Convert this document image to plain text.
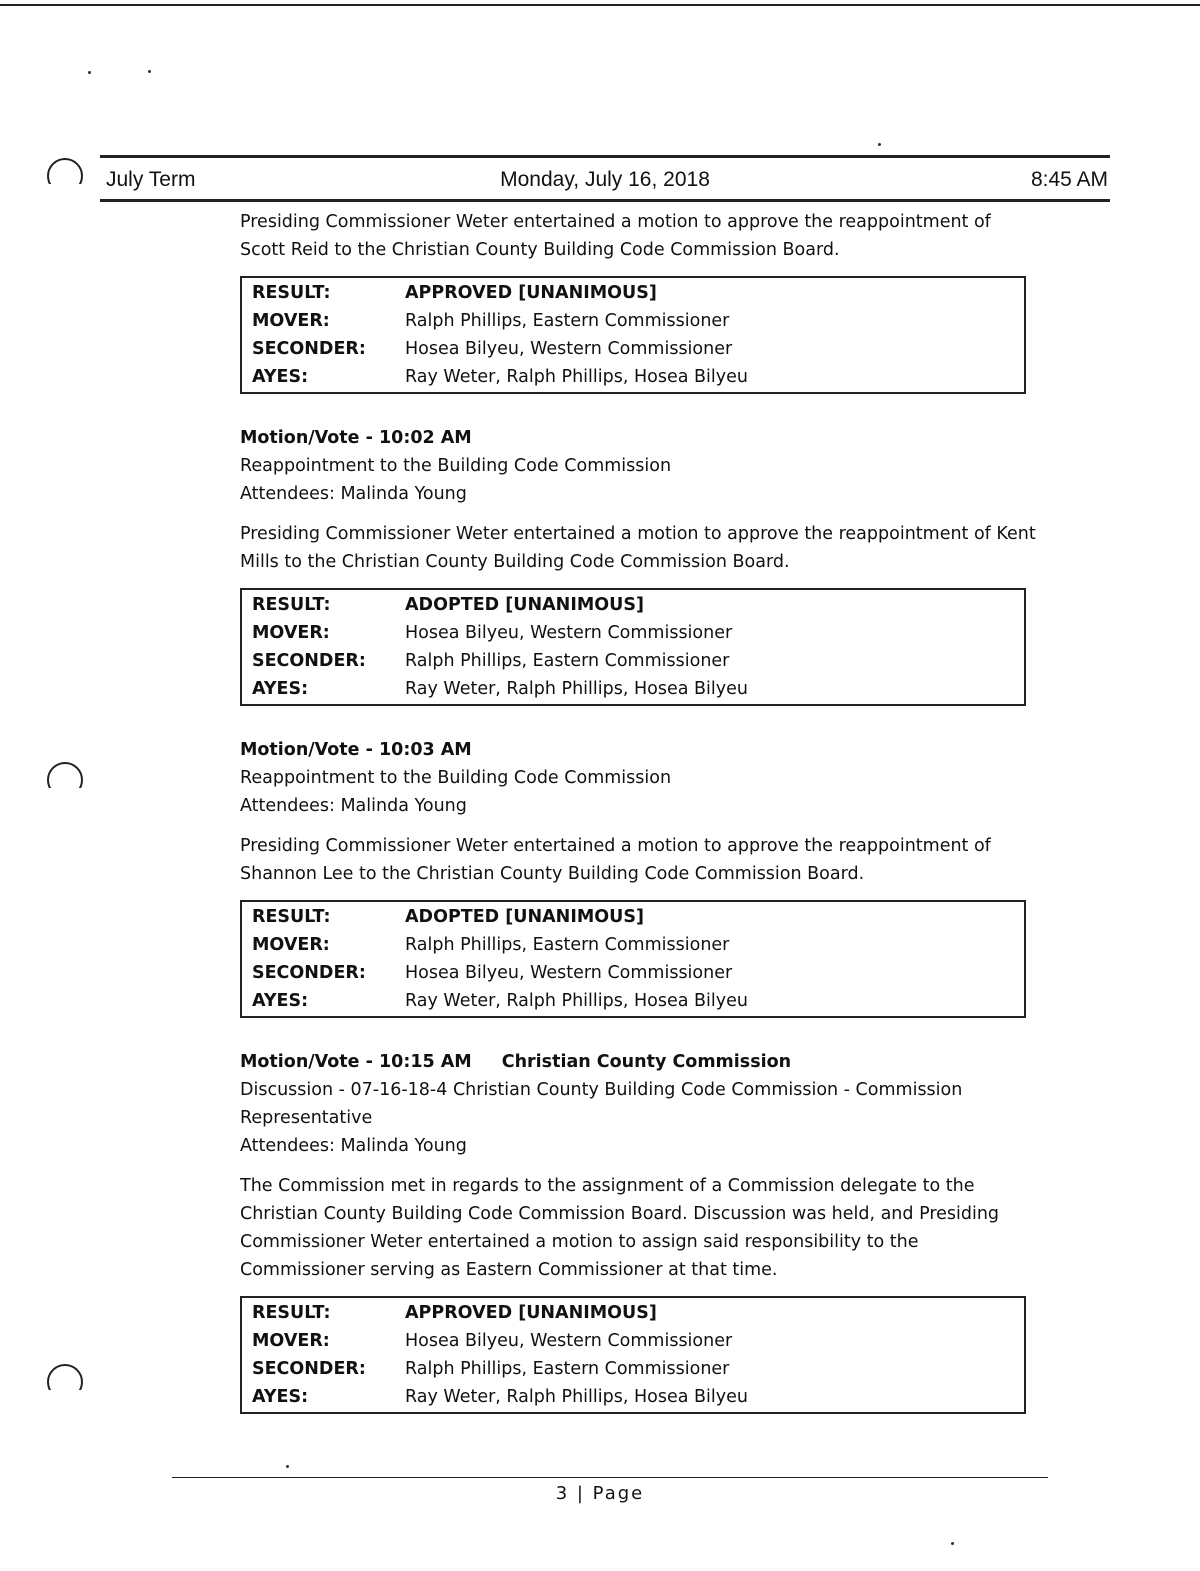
July Term	Monday, July 16, 2018	8:45 AM

Presiding Commissioner Weter entertained a motion to approve the reappointment of Scott Reid to the Christian County Building Code Commission Board.

RESULT:	APPROVED [UNANIMOUS]
MOVER:	Ralph Phillips, Eastern Commissioner
SECONDER:	Hosea Bilyeu, Western Commissioner
AYES:	Ray Weter, Ralph Phillips, Hosea Bilyeu
Motion/Vote - 10:02 AM
Reappointment to the Building Code Commission
Attendees: Malinda Young

Presiding Commissioner Weter entertained a motion to approve the reappointment of Kent Mills to the Christian County Building Code Commission Board.

RESULT:	ADOPTED [UNANIMOUS]
MOVER:	Hosea Bilyeu, Western Commissioner
SECONDER:	Ralph Phillips, Eastern Commissioner
AYES:	Ray Weter, Ralph Phillips, Hosea Bilyeu
Motion/Vote - 10:03 AM
Reappointment to the Building Code Commission
Attendees: Malinda Young

Presiding Commissioner Weter entertained a motion to approve the reappointment of Shannon Lee to the Christian County Building Code Commission Board.

RESULT:	ADOPTED [UNANIMOUS]
MOVER:	Ralph Phillips, Eastern Commissioner
SECONDER:	Hosea Bilyeu, Western Commissioner
AYES:	Ray Weter, Ralph Phillips, Hosea Bilyeu
Motion/Vote - 10:15 AM Christian County Commission
Discussion - 07-16-18-4 Christian County Building Code Commission - Commission Representative
Attendees: Malinda Young

The Commission met in regards to the assignment of a Commission delegate to the Christian County Building Code Commission Board. Discussion was held, and Presiding Commissioner Weter entertained a motion to assign said responsibility to the Commissioner serving as Eastern Commissioner at that time.

RESULT:	APPROVED [UNANIMOUS]
MOVER:	Hosea Bilyeu, Western Commissioner
SECONDER:	Ralph Phillips, Eastern Commissioner
AYES:	Ray Weter, Ralph Phillips, Hosea Bilyeu
3 | Page
